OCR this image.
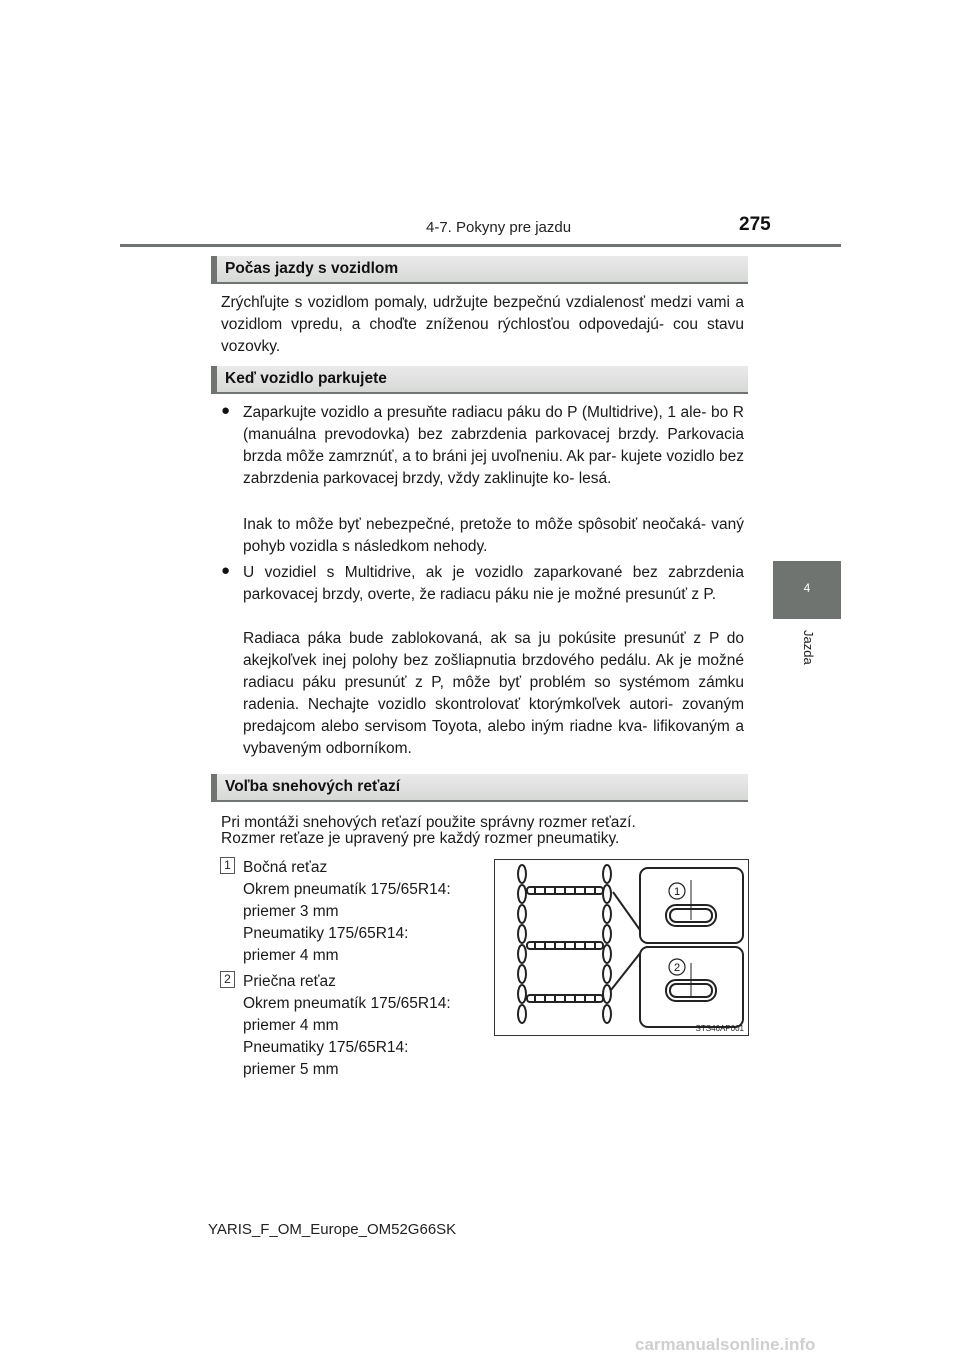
4-7. Pokyny pre jazdu	275
4
Jazda
Počas jazdy s vozidlom
Zrýchľujte s vozidlom pomaly, udržujte bezpečnú vzdialenosť medzi vami a vozidlom vpredu, a choďte zníženou rýchlosťou odpovedajú- cou stavu vozovky.
Keď vozidlo parkujete
● Zaparkujte vozidlo a presuňte radiacu páku do P (Multidrive), 1 ale- bo R (manuálna prevodovka) bez zabrzdenia parkovacej brzdy. Parkovacia brzda môže zamrznúť, a to bráni jej uvoľneniu. Ak par- kujete vozidlo bez zabrzdenia parkovacej brzdy, vždy zaklinujte ko- lesá.
Inak to môže byť nebezpečné, pretože to môže spôsobiť neočaká- vaný pohyb vozidla s následkom nehody.
● U vozidiel s Multidrive, ak je vozidlo zaparkované bez zabrzdenia parkovacej brzdy, overte, že radiacu páku nie je možné presunúť z P.
Radiaca páka bude zablokovaná, ak sa ju pokúsite presunúť z P do akejkoľvek inej polohy bez zošliapnutia brzdového pedálu. Ak je možné radiacu páku presunúť z P, môže byť problém so systémom zámku radenia. Nechajte vozidlo skontrolovať ktorýmkoľvek autori- zovaným predajcom alebo servisom Toyota, alebo iným riadne kva- lifikovaným a vybaveným odborníkom.
Voľba snehových reťazí
Pri montáži snehových reťazí použite správny rozmer reťazí.
Rozmer reťaze je upravený pre každý rozmer pneumatiky.
1 Bočná reťaz
Okrem pneumatík 175/65R14:
priemer 3 mm
Pneumatiky 175/65R14:
priemer 4 mm
2 Priečna reťaz
Okrem pneumatík 175/65R14:
priemer 4 mm
Pneumatiky 175/65R14:
priemer 5 mm
1
2
STS46AP001
YARIS_F_OM_Europe_OM52G66SK
carmanualsonline.info
